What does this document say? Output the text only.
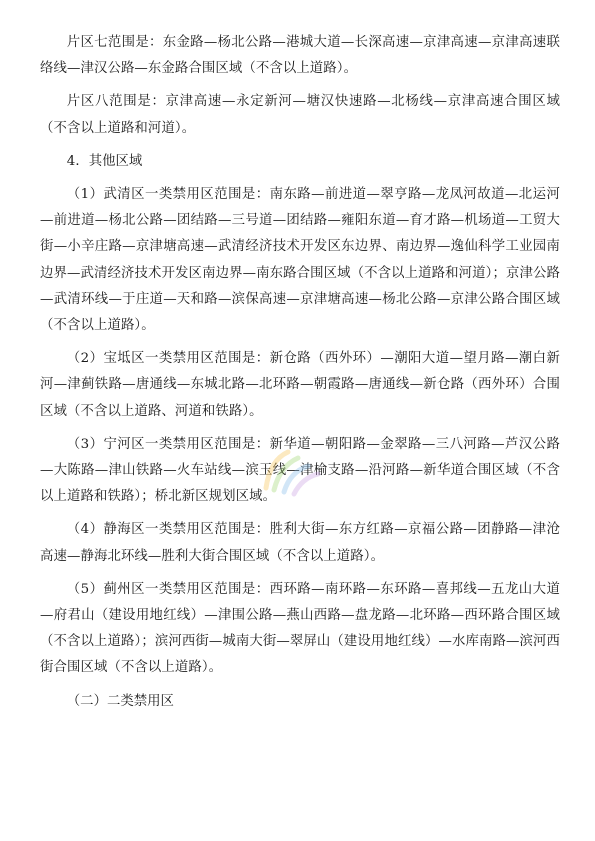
片区七范围是：东金路—杨北公路—港城大道—长深高速—京津高速—京津高速联络线—津汉公路—东金路合围区域（不含以上道路）。

片区八范围是：京津高速—永定新河—塘汉快速路—北杨线—京津高速合围区域（不含以上道路和河道）。

4．其他区域

（1）武清区一类禁用区范围是：南东路—前进道—翠亨路—龙凤河故道—北运河—前进道—杨北公路—团结路—三号道—团结路—雍阳东道—育才路—机场道—工贸大街—小辛庄路—京津塘高速—武清经济技术开发区东边界、南边界—逸仙科学工业园南边界—武清经济技术开发区南边界—南东路合围区域（不含以上道路和河道）；京津公路—武清环线—于庄道—天和路—滨保高速—京津塘高速—杨北公路—京津公路合围区域（不含以上道路）。

（2）宝坻区一类禁用区范围是：新仓路（西外环）—潮阳大道—望月路—潮白新河—津蓟铁路—唐通线—东城北路—北环路—朝霞路—唐通线—新仓路（西外环）合围区域（不含以上道路、河道和铁路）。

（3）宁河区一类禁用区范围是：新华道—朝阳路—金翠路—三八河路—芦汉公路—大陈路—津山铁路—火车站线—滨玉线—津榆支路—沿河路—新华道合围区域（不含以上道路和铁路）；桥北新区规划区域。

（4）静海区一类禁用区范围是：胜利大街—东方红路—京福公路—团静路—津沧高速—静海北环线—胜利大街合围区域（不含以上道路）。

（5）蓟州区一类禁用区范围是：西环路—南环路—东环路—喜邦线—五龙山大道—府君山（建设用地红线）—津围公路—燕山西路—盘龙路—北环路—西环路合围区域（不含以上道路）；滨河西街—城南大街—翠屏山（建设用地红线）—水库南路—滨河西街合围区域（不含以上道路）。

（二）二类禁用区
